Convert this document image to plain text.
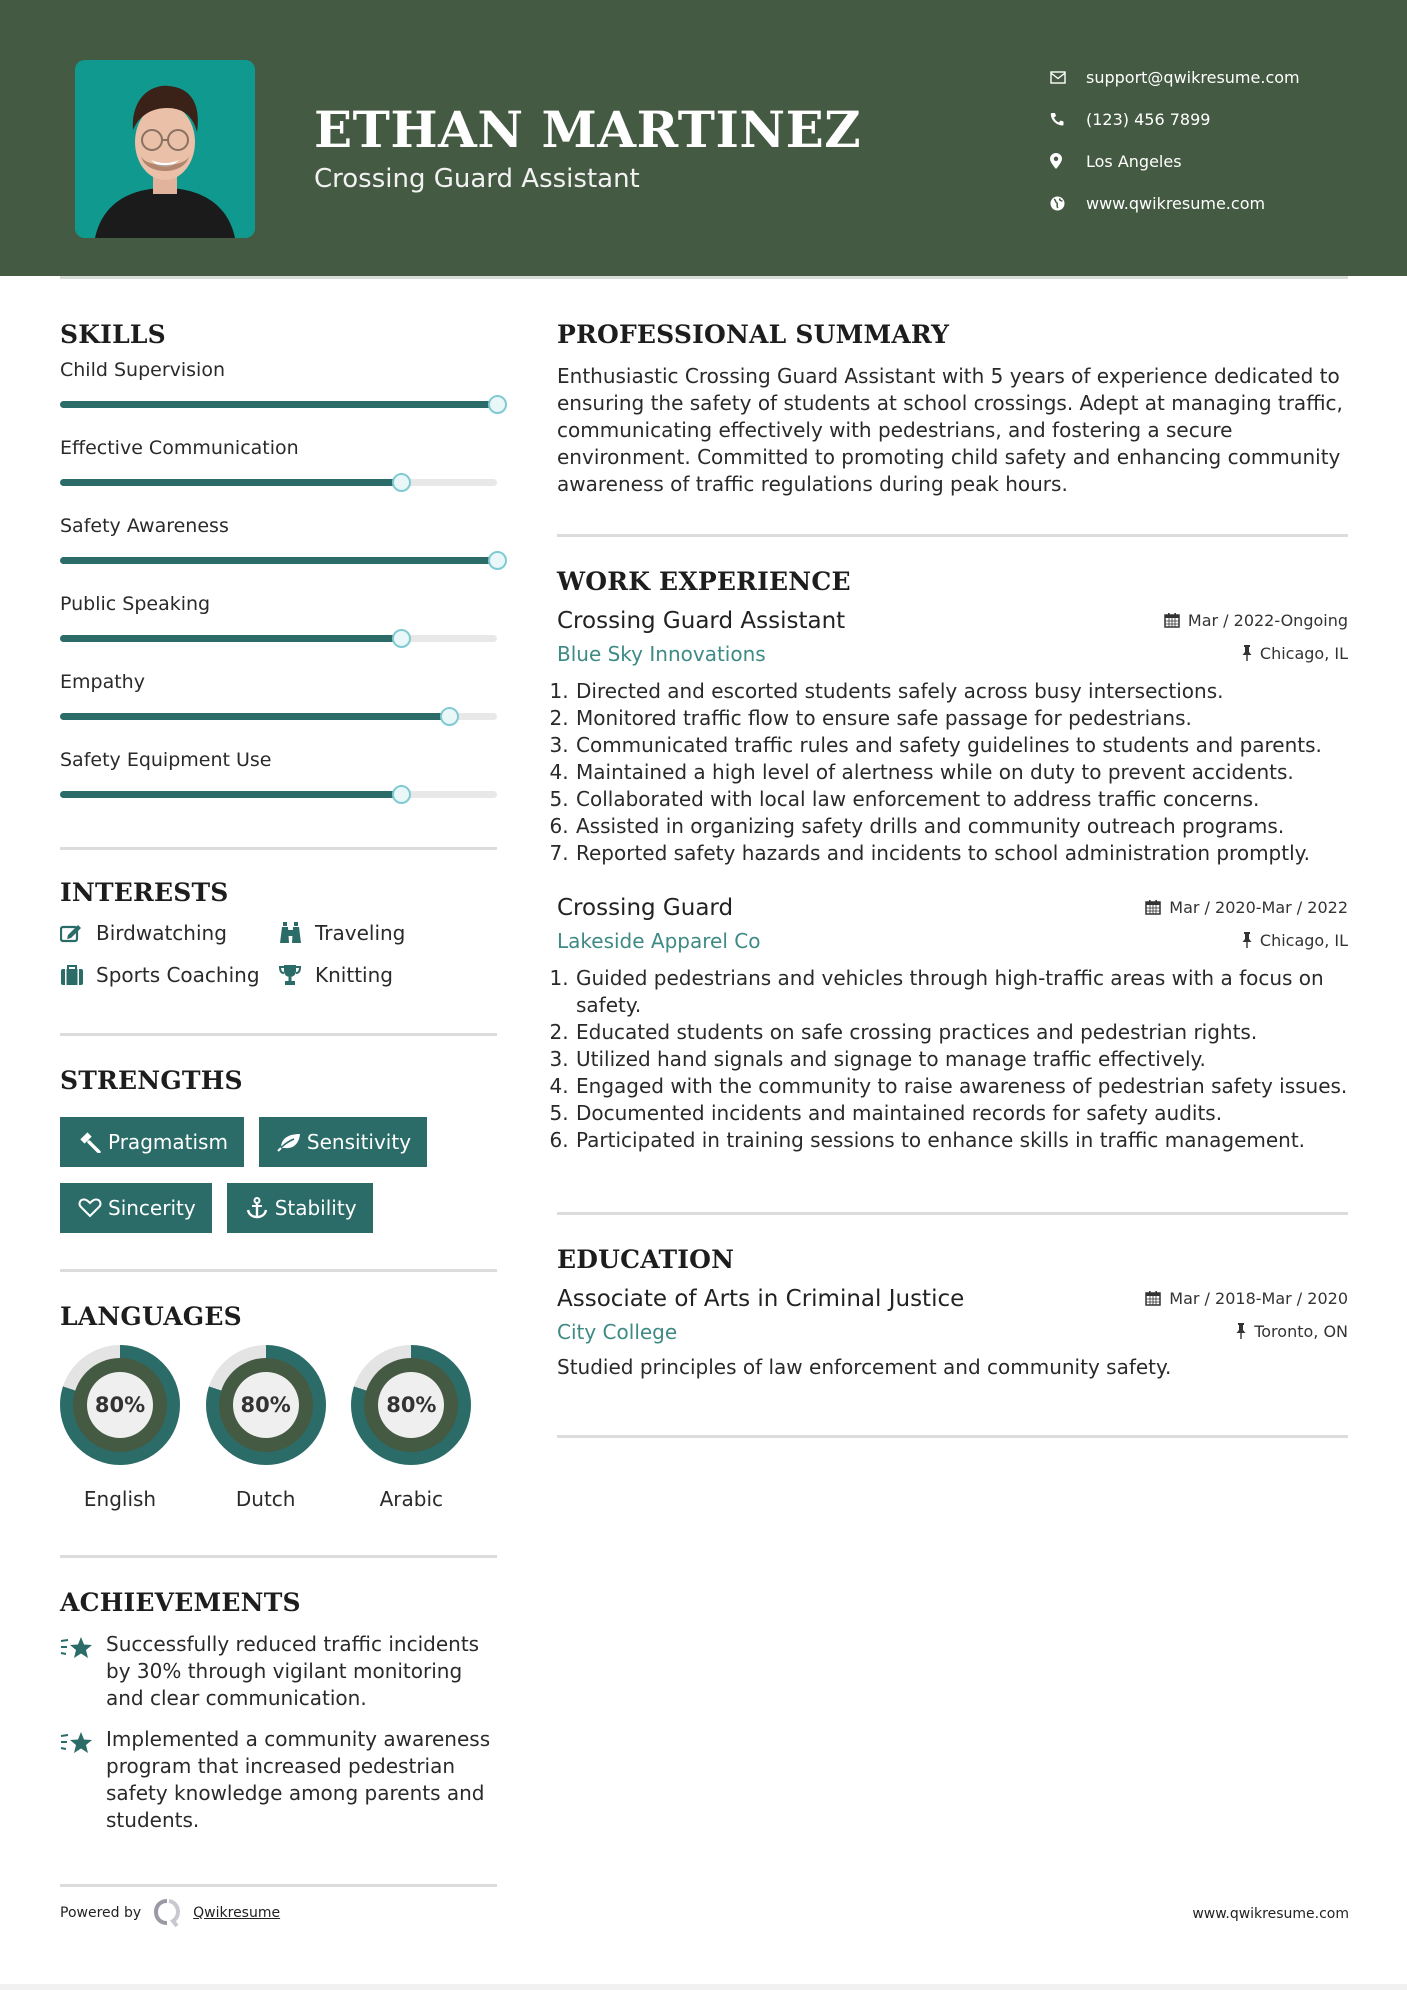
ETHAN MARTINEZ
Crossing Guard Assistant
support@qwikresume.com
(123) 456 7899
Los Angeles
www.qwikresume.com
SKILLS
Child Supervision
Effective Communication
Safety Awareness
Public Speaking
Empathy
Safety Equipment Use
INTERESTS
Birdwatching	Traveling
Sports Coaching	Knitting
STRENGTHS
Pragmatism	Sensitivity
Sincerity	Stability
LANGUAGES
80%
English
80%
Dutch
80%
Arabic
ACHIEVEMENTS
Successfully reduced traffic incidents by 30% through vigilant monitoring and clear communication.
Implemented a community awareness program that increased pedestrian safety knowledge among parents and students.
PROFESSIONAL SUMMARY
Enthusiastic Crossing Guard Assistant with 5 years of experience dedicated to ensuring the safety of students at school crossings. Adept at managing traffic, communicating effectively with pedestrians, and fostering a secure environment. Committed to promoting child safety and enhancing community awareness of traffic regulations during peak hours.
WORK EXPERIENCE
Crossing Guard Assistant	Mar / 2022-Ongoing
Blue Sky Innovations	Chicago, IL
1. Directed and escorted students safely across busy intersections.
2. Monitored traffic flow to ensure safe passage for pedestrians.
3. Communicated traffic rules and safety guidelines to students and parents.
4. Maintained a high level of alertness while on duty to prevent accidents.
5. Collaborated with local law enforcement to address traffic concerns.
6. Assisted in organizing safety drills and community outreach programs.
7. Reported safety hazards and incidents to school administration promptly.
Crossing Guard	Mar / 2020-Mar / 2022
Lakeside Apparel Co	Chicago, IL
1. Guided pedestrians and vehicles through high-traffic areas with a focus on safety.
2. Educated students on safe crossing practices and pedestrian rights.
3. Utilized hand signals and signage to manage traffic effectively.
4. Engaged with the community to raise awareness of pedestrian safety issues.
5. Documented incidents and maintained records for safety audits.
6. Participated in training sessions to enhance skills in traffic management.
EDUCATION
Associate of Arts in Criminal Justice	Mar / 2018-Mar / 2020
City College	Toronto, ON
Studied principles of law enforcement and community safety.
Powered by	Qwikresume	www.qwikresume.com
